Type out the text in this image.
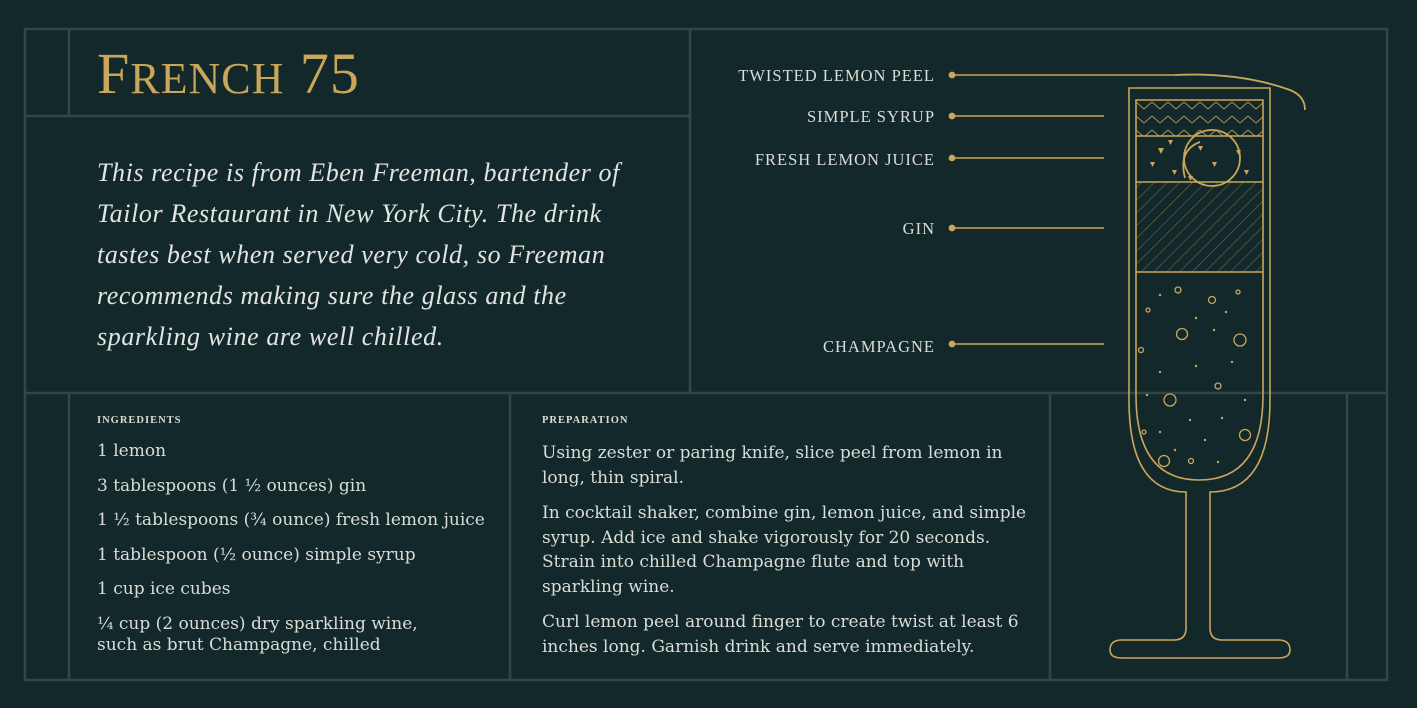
FRENCH 75
This recipe is from Eben Freeman, bartender of Tailor Restaurant in New York City. The drink tastes best when served very cold, so Freeman recommends making sure the glass and the sparkling wine are well chilled.
TWISTED LEMON PEEL
SIMPLE SYRUP
FRESH LEMON JUICE
GIN
CHAMPAGNE
INGREDIENTS
1 lemon
3 tablespoons (1 ½ ounces) gin
1 ½ tablespoons (¾ ounce) fresh lemon juice
1 tablespoon (½ ounce) simple syrup
1 cup ice cubes
¼ cup (2 ounces) dry sparkling wine,
such as brut Champagne, chilled
PREPARATION

Using zester or paring knife, slice peel from lemon in long, thin spiral.

In cocktail shaker, combine gin, lemon juice, and simple syrup. Add ice and shake vigorously for 20 seconds. Strain into chilled Champagne flute and top with sparkling wine.

Curl lemon peel around finger to create twist at least 6 inches long. Garnish drink and serve immediately.
